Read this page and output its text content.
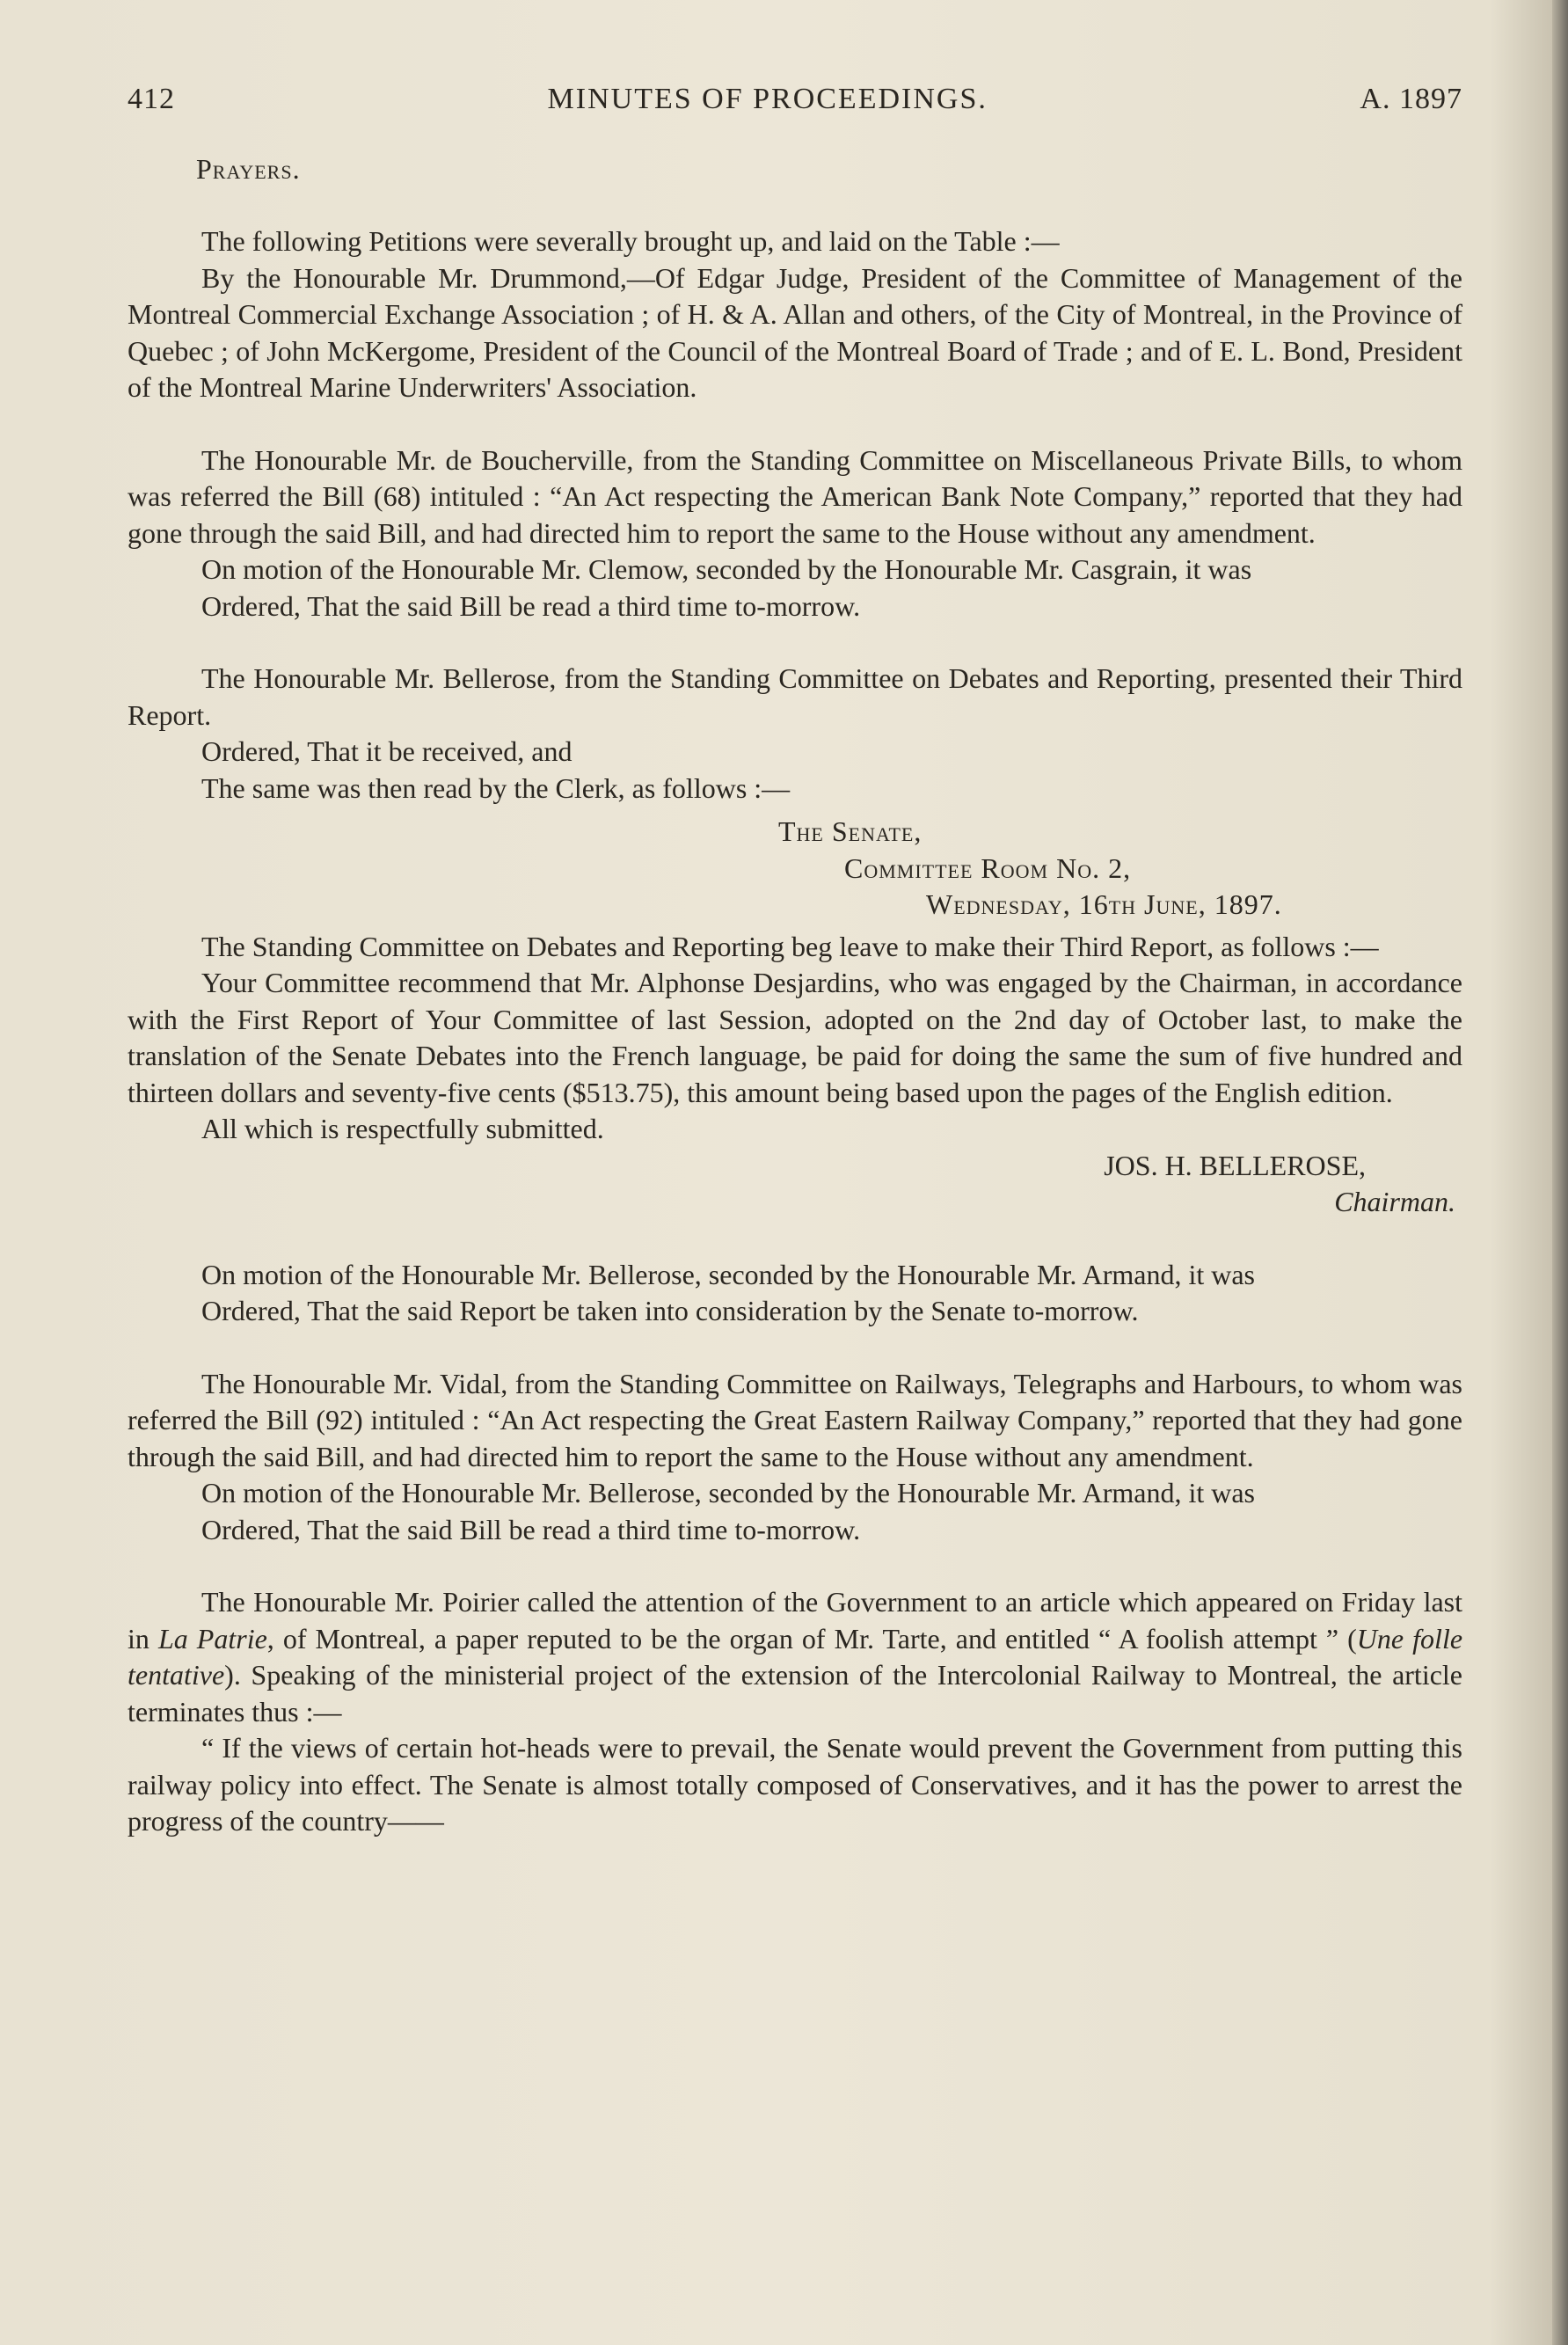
412	MINUTES OF PROCEEDINGS.	A. 1897

Prayers.

The following Petitions were severally brought up, and laid on the Table :—

By the Honourable Mr. Drummond,—Of Edgar Judge, President of the Committee of Management of the Montreal Commercial Exchange Association ; of H. & A. Allan and others, of the City of Montreal, in the Province of Quebec ; of John McKergome, President of the Council of the Montreal Board of Trade ; and of E. L. Bond, President of the Montreal Marine Underwriters' Association.

The Honourable Mr. de Boucherville, from the Standing Committee on Miscellaneous Private Bills, to whom was referred the Bill (68) intituled : “An Act respecting the American Bank Note Company,” reported that they had gone through the said Bill, and had directed him to report the same to the House without any amendment.

On motion of the Honourable Mr. Clemow, seconded by the Honourable Mr. Casgrain, it was

Ordered, That the said Bill be read a third time to-morrow.

The Honourable Mr. Bellerose, from the Standing Committee on Debates and Reporting, presented their Third Report.

Ordered, That it be received, and

The same was then read by the Clerk, as follows :—

The Senate,
Committee Room No. 2,
Wednesday, 16th June, 1897.

The Standing Committee on Debates and Reporting beg leave to make their Third Report, as follows :—

Your Committee recommend that Mr. Alphonse Desjardins, who was engaged by the Chairman, in accordance with the First Report of Your Committee of last Session, adopted on the 2nd day of October last, to make the translation of the Senate Debates into the French language, be paid for doing the same the sum of five hundred and thirteen dollars and seventy-five cents ($513.75), this amount being based upon the pages of the English edition.

All which is respectfully submitted.

JOS. H. BELLEROSE,
Chairman.

On motion of the Honourable Mr. Bellerose, seconded by the Honourable Mr. Armand, it was

Ordered, That the said Report be taken into consideration by the Senate to-morrow.

The Honourable Mr. Vidal, from the Standing Committee on Railways, Telegraphs and Harbours, to whom was referred the Bill (92) intituled : “An Act respecting the Great Eastern Railway Company,” reported that they had gone through the said Bill, and had directed him to report the same to the House without any amendment.

On motion of the Honourable Mr. Bellerose, seconded by the Honourable Mr. Armand, it was

Ordered, That the said Bill be read a third time to-morrow.

The Honourable Mr. Poirier called the attention of the Government to an article which appeared on Friday last in La Patrie, of Montreal, a paper reputed to be the organ of Mr. Tarte, and entitled “ A foolish attempt ” (Une folle tentative). Speaking of the ministerial project of the extension of the Intercolonial Railway to Montreal, the article terminates thus :—

“ If the views of certain hot-heads were to prevail, the Senate would prevent the Government from putting this railway policy into effect. The Senate is almost totally composed of Conservatives, and it has the power to arrest the progress of the country——
